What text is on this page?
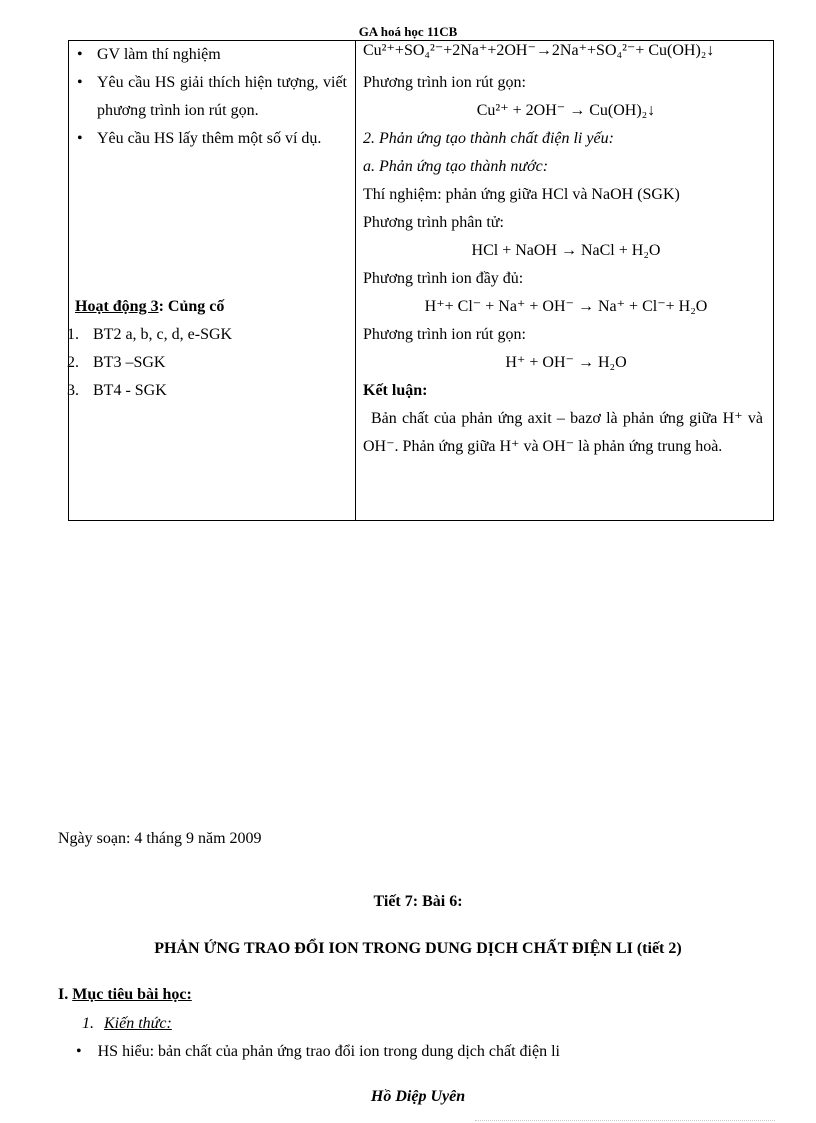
GA hoá học 11CB
• GV làm thí nghiệm
• Yêu cầu HS giải thích hiện tượng, viết phương trình ion rút gọn.
• Yêu cầu HS lấy thêm một số ví dụ.
Hoạt động 3: Củng cố
1. BT2 a, b, c, d, e-SGK
2. BT3 –SGK
3. BT4 - SGK
Cu²⁺+SO₄²⁻+2Na⁺+2OH⁻→2Na⁺+SO₄²⁻+ Cu(OH)₂↓
Phương trình ion rút gọn:
Cu²⁺ + 2OH⁻ → Cu(OH)₂↓
2. Phản ứng tạo thành chất điện li yếu:
a. Phản ứng tạo thành nước:
Thí nghiệm: phản ứng giữa HCl và NaOH (SGK)
Phương trình phân tử:
HCl + NaOH → NaCl + H₂O
Phương trình ion đầy đủ:
H⁺+ Cl⁻ + Na⁺ + OH⁻ → Na⁺ + Cl⁻+ H₂O
Phương trình ion rút gọn:
H⁺ + OH⁻ → H₂O
Kết luận:
Bản chất của phản ứng axit – bazơ là phản ứng giữa H⁺ và OH⁻. Phản ứng giữa H⁺ và OH⁻ là phản ứng trung hoà.
Ngày soạn: 4 tháng 9 năm 2009
Tiết 7: Bài 6:
PHẢN ỨNG TRAO ĐỔI ION TRONG DUNG DỊCH CHẤT ĐIỆN LI (tiết 2)
I. Mục tiêu bài học:
1. Kiến thức:
• HS hiểu: bản chất của phản ứng trao đổi ion trong dung dịch chất điện li
Hồ Diệp Uyên
